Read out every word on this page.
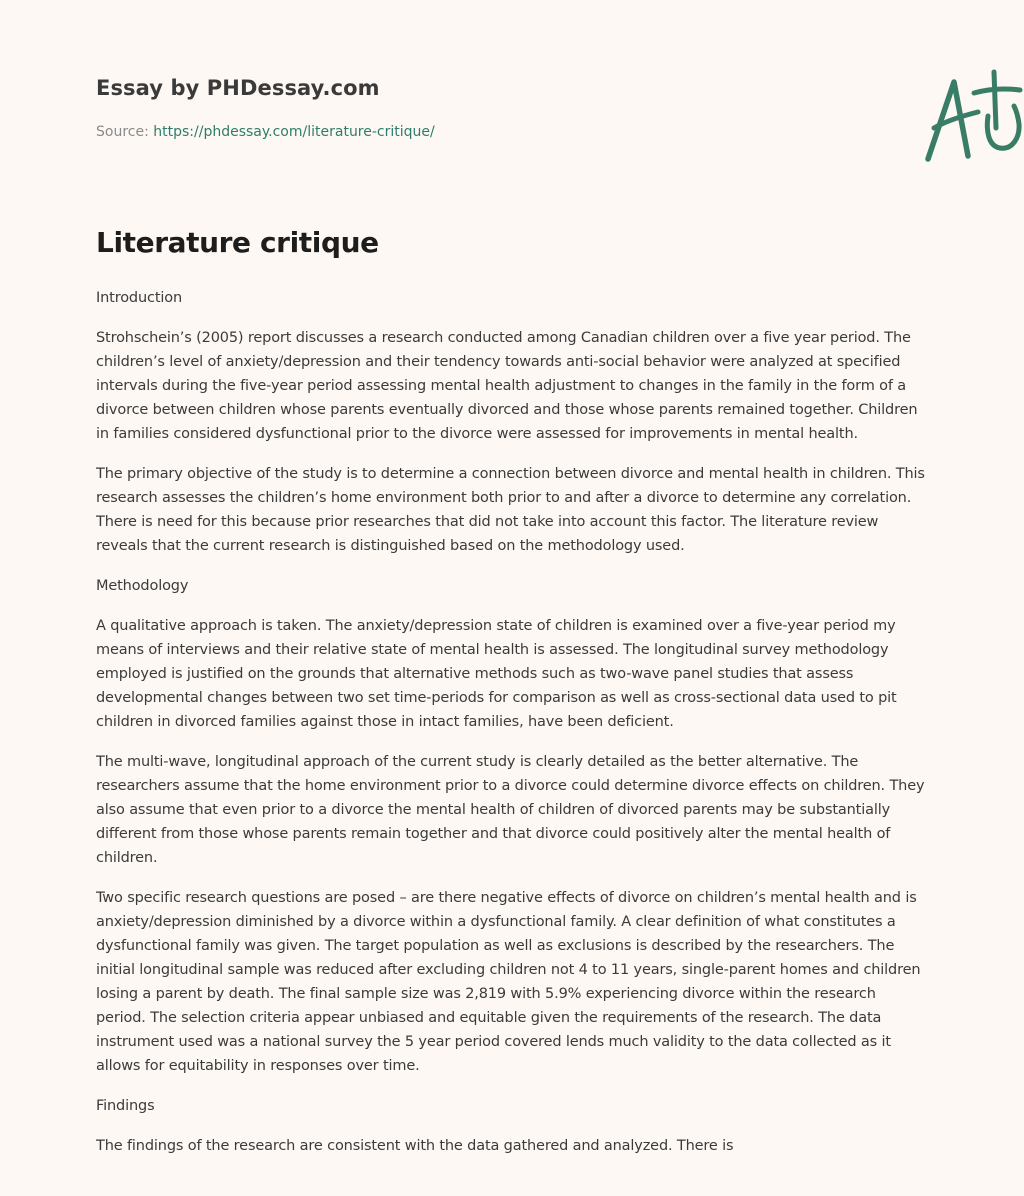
Essay by PHDessay.com
Source: https://phdessay.com/literature-critique/
Literature critique

Introduction

Strohschein’s (2005) report discusses a research conducted among Canadian children over a five year period. The children’s level of anxiety/depression and their tendency towards anti-social behavior were analyzed at specified intervals during the five-year period assessing mental health adjustment to changes in the family in the form of a divorce between children whose parents eventually divorced and those whose parents remained together. Children in families considered dysfunctional prior to the divorce were assessed for improvements in mental health.

The primary objective of the study is to determine a connection between divorce and mental health in children. This research assesses the children’s home environment both prior to and after a divorce to determine any correlation. There is need for this because prior researches that did not take into account this factor. The literature review reveals that the current research is distinguished based on the methodology used.

Methodology

A qualitative approach is taken. The anxiety/depression state of children is examined over a five-year period my means of interviews and their relative state of mental health is assessed. The longitudinal survey methodology employed is justified on the grounds that alternative methods such as two-wave panel studies that assess developmental changes between two set time-periods for comparison as well as cross-sectional data used to pit children in divorced families against those in intact families, have been deficient.

The multi-wave, longitudinal approach of the current study is clearly detailed as the better alternative. The researchers assume that the home environment prior to a divorce could determine divorce effects on children. They also assume that even prior to a divorce the mental health of children of divorced parents may be substantially different from those whose parents remain together and that divorce could positively alter the mental health of children.

Two specific research questions are posed – are there negative effects of divorce on children’s mental health and is anxiety/depression diminished by a divorce within a dysfunctional family. A clear definition of what constitutes a dysfunctional family was given. The target population as well as exclusions is described by the researchers. The initial longitudinal sample was reduced after excluding children not 4 to 11 years, single-parent homes and children losing a parent by death. The final sample size was 2,819 with 5.9% experiencing divorce within the research period. The selection criteria appear unbiased and equitable given the requirements of the research. The data instrument used was a national survey the 5 year period covered lends much validity to the data collected as it allows for equitability in responses over time.

Findings

The findings of the research are consistent with the data gathered and analyzed. There is
